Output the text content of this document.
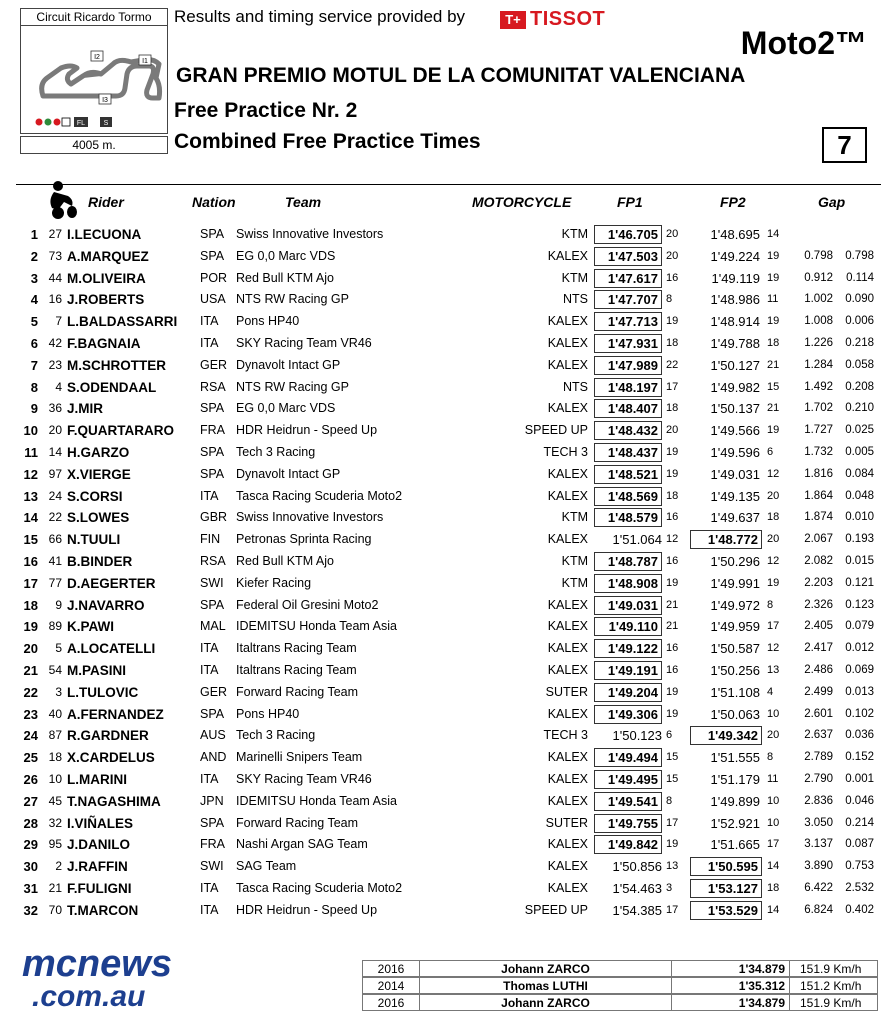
Circuit Ricardo Tormo
I2
I1
I3
FL	S
4005 m.
Results and timing service provided by	T+ TISSOT
Moto2™
GRAN PREMIO MOTUL DE LA COMUNITAT VALENCIANA
Free Practice Nr. 2
Combined Free Practice Times	7
Rider	Nation	Team	MOTORCYCLE	FP1	FP2	Gap
1 27 I.LECUONA	SPA Swiss Innovative Investors	KTM	1'46.705 20	1'48.695 14
2 73 A.MARQUEZ	SPA EG 0,0 Marc VDS	KALEX	1'47.503 20	1'49.224 19	0.798	0.798
3 44 M.OLIVEIRA	POR Red Bull KTM Ajo	KTM	1'47.617 16	1'49.119 19	0.912	0.114
4 16 J.ROBERTS	USA NTS RW Racing GP	NTS	1'47.707 8	1'48.986 11	1.002	0.090
5	7 L.BALDASSARRI ITA Pons HP40	KALEX	1'47.713 19	1'48.914 19	1.008	0.006
6 42 F.BAGNAIA	ITA SKY Racing Team VR46	KALEX	1'47.931 18	1'49.788 18	1.226	0.218
7 23 M.SCHROTTER	GER Dynavolt Intact GP	KALEX	1'47.989 22	1'50.127 21	1.284	0.058
8	4 S.ODENDAAL	RSA NTS RW Racing GP	NTS	1'48.197 17	1'49.982 15	1.492	0.208
9 36 J.MIR	SPA EG 0,0 Marc VDS	KALEX	1'48.407 18	1'50.137 21	1.702	0.210
10 20 F.QUARTARARO FRA HDR Heidrun - Speed Up	SPEED UP	1'48.432 20	1'49.566 19	1.727	0.025
11 14 H.GARZO	SPA Tech 3 Racing	TECH 3	1'48.437 19	1'49.596 6	1.732	0.005
12 97 X.VIERGE	SPA Dynavolt Intact GP	KALEX	1'48.521 19	1'49.031 12	1.816	0.084
13 24 S.CORSI	ITA Tasca Racing Scuderia Moto2	KALEX	1'48.569 18	1'49.135 20	1.864	0.048
14 22 S.LOWES	GBR Swiss Innovative Investors	KTM	1'48.579 16	1'49.637 18	1.874	0.010
15 66 N.TUULI	FIN Petronas Sprinta Racing	KALEX	1'51.064 12	1'48.772 20	2.067	0.193
16 41 B.BINDER	RSA Red Bull KTM Ajo	KTM	1'48.787 16	1'50.296 12	2.082	0.015
17 77 D.AEGERTER	SWI Kiefer Racing	KTM	1'48.908 19	1'49.991 19	2.203	0.121
18	9 J.NAVARRO	SPA Federal Oil Gresini Moto2	KALEX	1'49.031 21	1'49.972 8	2.326	0.123
19 89 K.PAWI	MAL IDEMITSU Honda Team Asia	KALEX	1'49.110 21	1'49.959 17	2.405	0.079
20	5 A.LOCATELLI	ITA Italtrans Racing Team	KALEX	1'49.122 16	1'50.587 12	2.417	0.012
21 54 M.PASINI	ITA Italtrans Racing Team	KALEX	1'49.191 16	1'50.256 13	2.486	0.069
22	3 L.TULOVIC	GER Forward Racing Team	SUTER	1'49.204 19	1'51.108 4	2.499	0.013
23 40 A.FERNANDEZ	SPA Pons HP40	KALEX	1'49.306 19	1'50.063 10	2.601	0.102
24 87 R.GARDNER	AUS Tech 3 Racing	TECH 3	1'50.123 6	1'49.342 20	2.637	0.036
25 18 X.CARDELUS	AND Marinelli Snipers Team	KALEX	1'49.494 15	1'51.555 8	2.789	0.152
26 10 L.MARINI	ITA SKY Racing Team VR46	KALEX	1'49.495 15	1'51.179 11	2.790	0.001
27 45 T.NAGASHIMA	JPN IDEMITSU Honda Team Asia	KALEX	1'49.541 8	1'49.899 10	2.836	0.046
28 32 I.VIÑALES	SPA Forward Racing Team	SUTER	1'49.755 17	1'52.921 10	3.050	0.214
29 95 J.DANILO	FRA Nashi Argan SAG Team	KALEX	1'49.842 19	1'51.665 17	3.137	0.087
30	2 J.RAFFIN	SWI SAG Team	KALEX	1'50.856 13	1'50.595 14	3.890	0.753
31 21 F.FULIGNI	ITA Tasca Racing Scuderia Moto2	KALEX	1'54.463 3	1'53.127 18	6.422	2.532
32 70 T.MARCON	ITA HDR Heidrun - Speed Up	SPEED UP	1'54.385 17	1'53.529 14	6.824	0.402
mcnews
.com.au
2016	Johann ZARCO	1'34.879	151.9 Km/h
2014	Thomas LUTHI	1'35.312	151.2 Km/h
2016	Johann ZARCO	1'34.879	151.9 Km/h
